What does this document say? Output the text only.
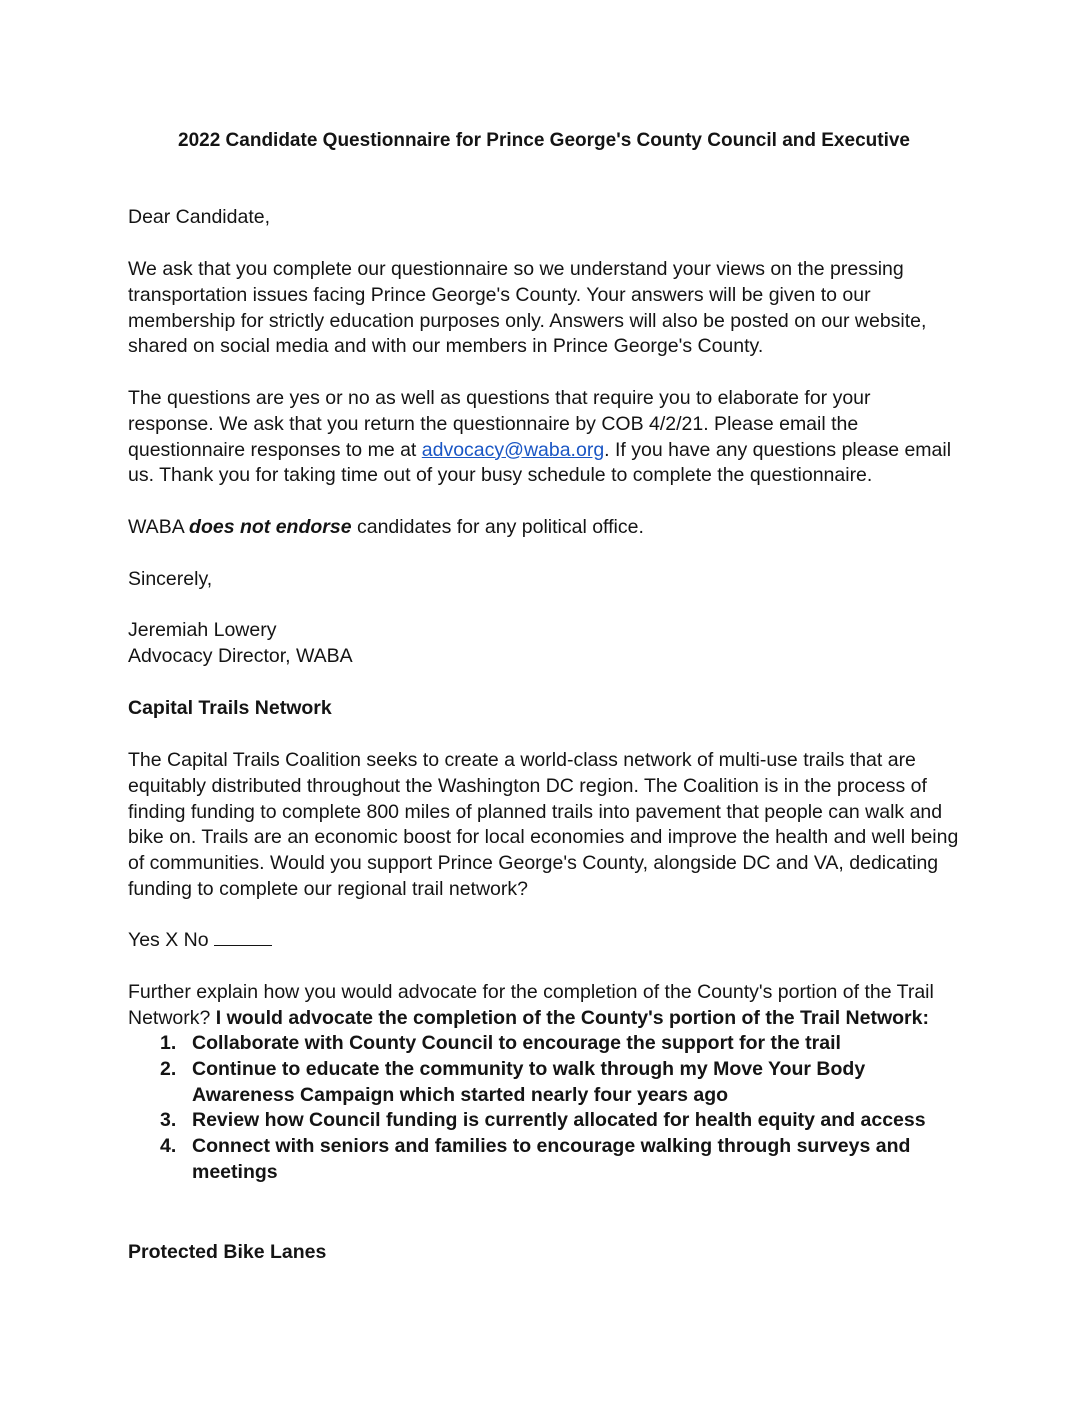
2022 Candidate Questionnaire for Prince George's County Council and Executive

Dear Candidate,

We ask that you complete our questionnaire so we understand your views on the pressing transportation issues facing Prince George's County. Your answers will be given to our membership for strictly education purposes only. Answers will also be posted on our website, shared on social media and with our members in Prince George's County.

The questions are yes or no as well as questions that require you to elaborate for your response. We ask that you return the questionnaire by COB 4/2/21. Please email the questionnaire responses to me at advocacy@waba.org. If you have any questions please email us. Thank you for taking time out of your busy schedule to complete the questionnaire.

WABA does not endorse candidates for any political office.

Sincerely,

Jeremiah Lowery

Advocacy Director, WABA

Capital Trails Network

The Capital Trails Coalition seeks to create a world-class network of multi-use trails that are equitably distributed throughout the Washington DC region. The Coalition is in the process of finding funding to complete 800 miles of planned trails into pavement that people can walk and bike on. Trails are an economic boost for local economies and improve the health and well being of communities. Would you support Prince George's County, alongside DC and VA, dedicating funding to complete our regional trail network?

Yes X No

Further explain how you would advocate for the completion of the County's portion of the Trail Network? I would advocate the completion of the County's portion of the Trail Network:

1. Collaborate with County Council to encourage the support for the trail
2. Continue to educate the community to walk through my Move Your Body Awareness Campaign which started nearly four years ago
3. Review how Council funding is currently allocated for health equity and access
4. Connect with seniors and families to encourage walking through surveys and meetings

Protected Bike Lanes
